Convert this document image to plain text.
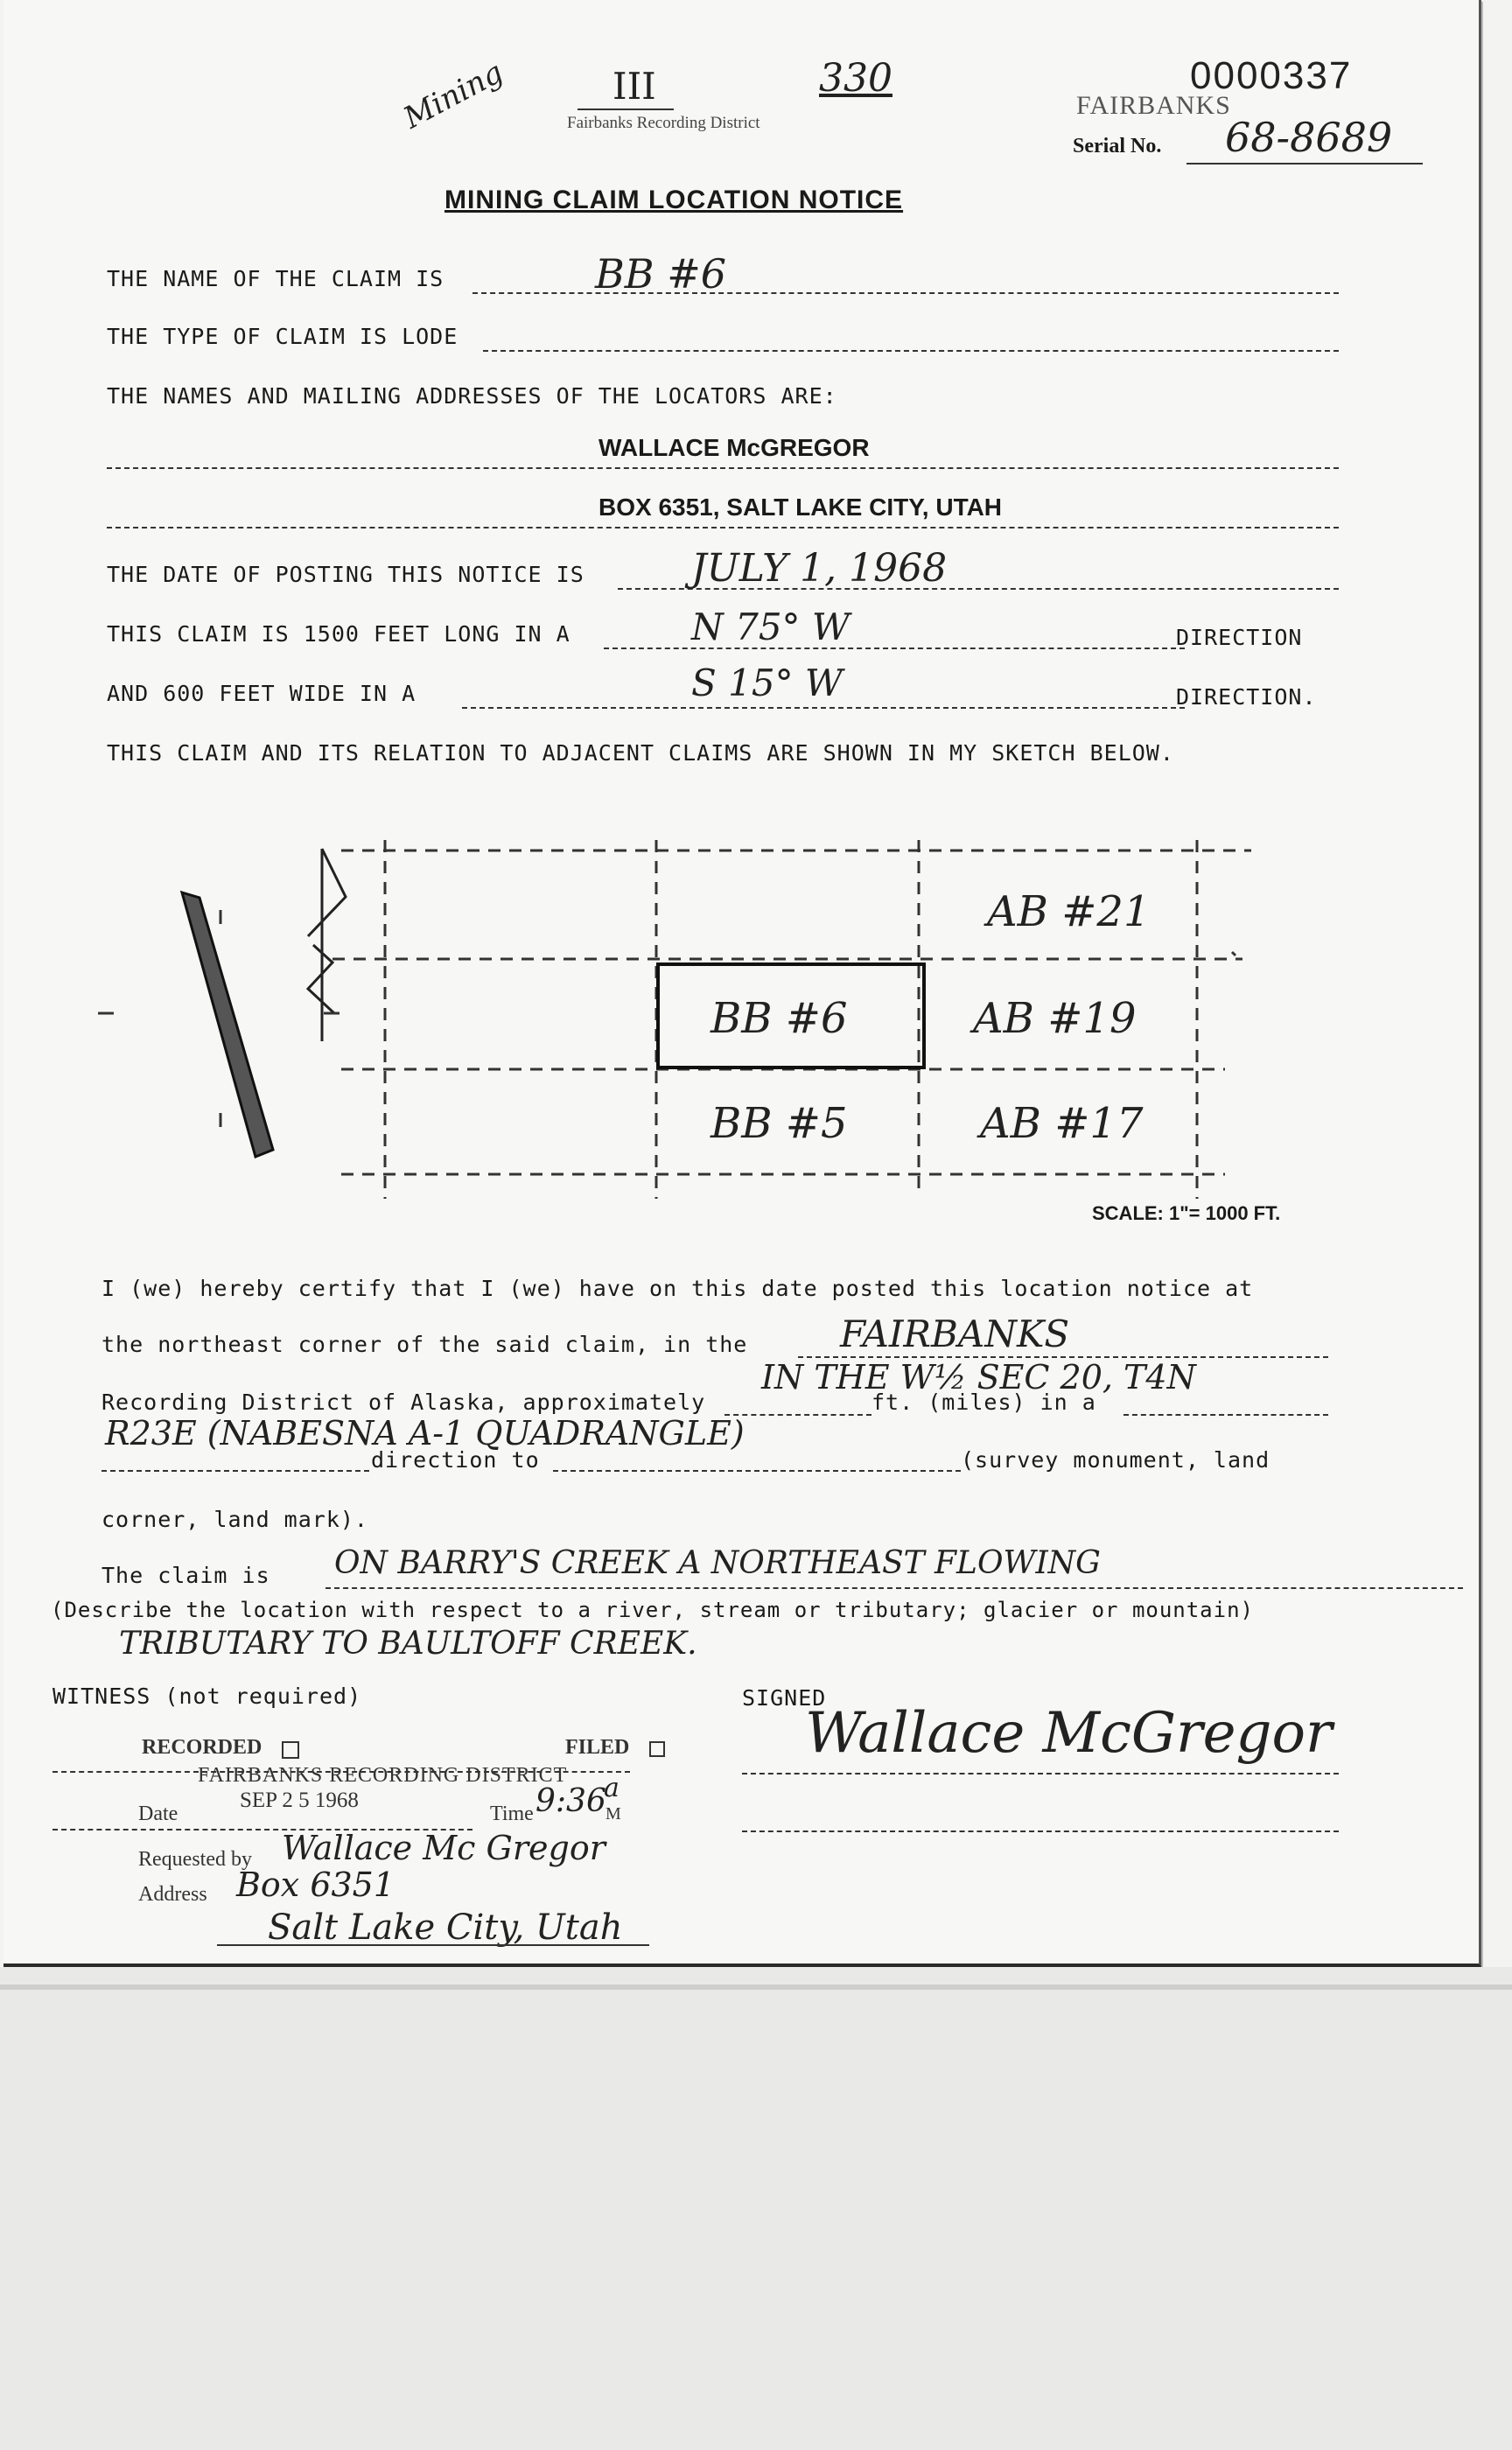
Mining	III	330
Fairbanks Recording District
0000337
FAIRBANKS
Serial No. 68-8689
MINING CLAIM LOCATION NOTICE
THE NAME OF THE CLAIM IS	BB #6
THE TYPE OF CLAIM IS LODE
THE NAMES AND MAILING ADDRESSES OF THE LOCATORS ARE:
WALLACE McGREGOR
BOX 6351, SALT LAKE CITY, UTAH
THE DATE OF POSTING THIS NOTICE IS	JULY 1, 1968
THIS CLAIM IS 1500 FEET LONG IN A	N 75° W	DIRECTION
AND 600 FEET WIDE IN A	S 15° W	DIRECTION.
THIS CLAIM AND ITS RELATION TO ADJACENT CLAIMS ARE SHOWN IN MY SKETCH BELOW.
AB #21
BB #6	AB #19
BB #5	AB #17
SCALE: 1"= 1000 FT.
I (we) hereby certify that I (we) have on this date posted this location notice at
the northeast corner of the said claim, in the	FAIRBANKS
Recording District of Alaska, approximately
IN THE W½ SEC 20, T4N
ft. (miles) in a
R23E (NABESNA A-1 QUADRANGLE)
direction to	(survey monument, land
corner, land mark).
The claim is ON BARRY'S CREEK A NORTHEAST FLOWING
(Describe the location with respect to a river, stream or tributary; glacier or mountain)
TRIBUTARY TO BAULTOFF CREEK.
WITNESS (not required)	SIGNED
Wallace McGregor
RECORDED	FILED
FAIRBANKS RECORDING DISTRICT
Date
SEP 2 5 1968
Time 9:36
a
M
Requested by Wallace Mc Gregor
Address Box 6351
Salt Lake City, Utah
